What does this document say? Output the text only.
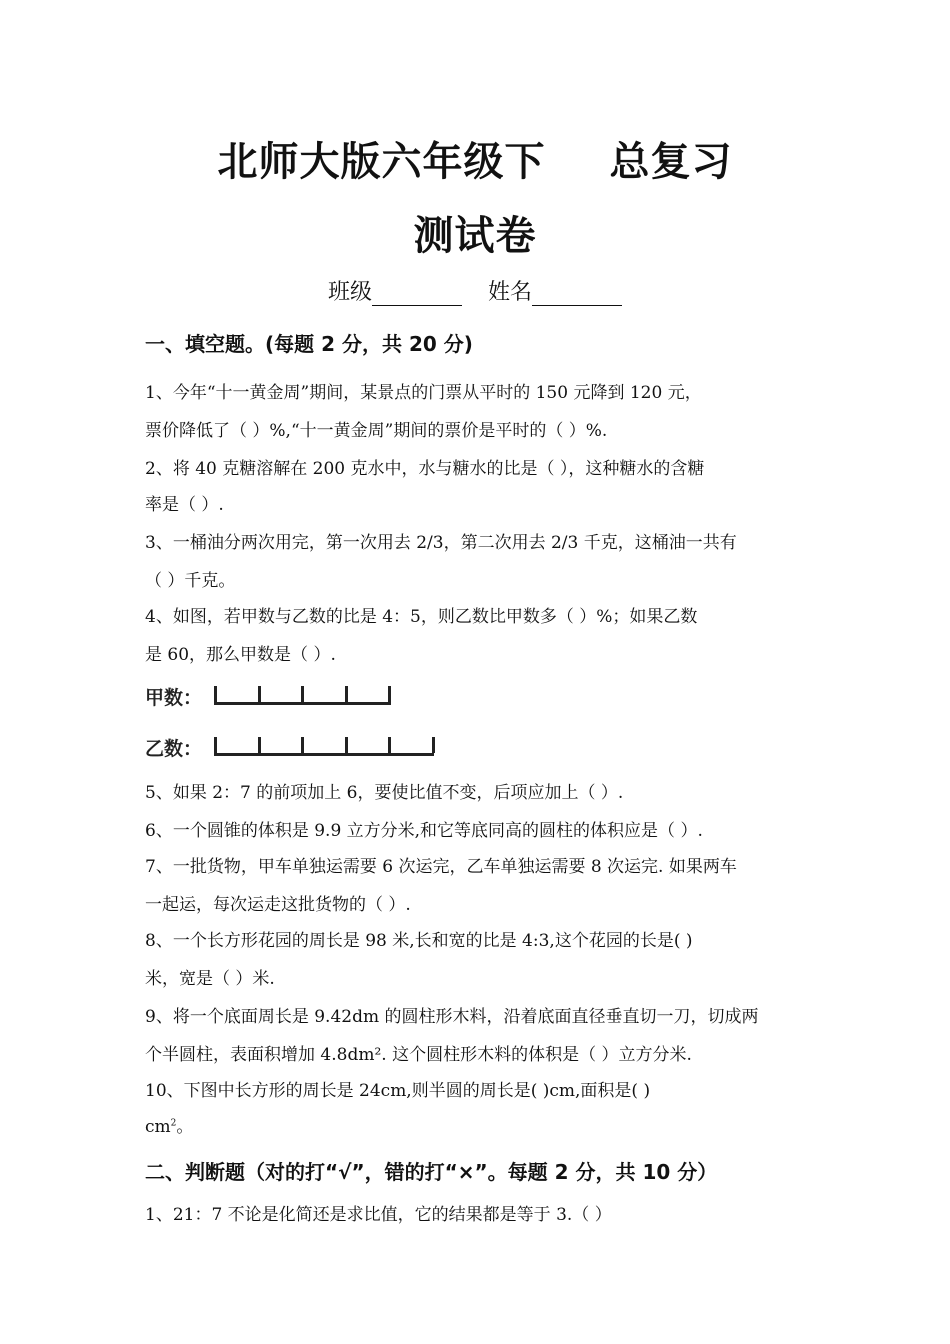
北师大版六年级下 总复习
测试卷
班级	姓名
一、填空题。(每题 2 分，共 20 分)
1、今年“十一黄金周”期间，某景点的门票从平时的 150 元降到 120 元，
票价降低了（ ）%,“十一黄金周”期间的票价是平时的（ ）%.
2、将 40 克糖溶解在 200 克水中，水与糖水的比是（ ），这种糖水的含糖
率是（ ）.
3、一桶油分两次用完，第一次用去 2/3，第二次用去 2/3 千克，这桶油一共有
（ ）千克。
4、如图，若甲数与乙数的比是 4：5，则乙数比甲数多（ ）%；如果乙数
是 60，那么甲数是（ ）.
甲数：
乙数：
5、如果 2：7 的前项加上 6，要使比值不变，后项应加上（ ）.
6、一个圆锥的体积是 9.9 立方分米,和它等底同高的圆柱的体积应是（ ）.
7、一批货物，甲车单独运需要 6 次运完，乙车单独运需要 8 次运完. 如果两车
一起运，每次运走这批货物的（ ）.
8、一个长方形花园的周长是 98 米,长和宽的比是 4:3,这个花园的长是( )
米，宽是（ ）米.
9、将一个底面周长是 9.42dm 的圆柱形木料，沿着底面直径垂直切一刀，切成两
个半圆柱，表面积增加 4.8dm². 这个圆柱形木料的体积是（ ）立方分米.
10、下图中长方形的周长是 24cm,则半圆的周长是( )cm,面积是( )
$cm^2$。
二、判断题（对的打“√”，错的打“×”。每题 2 分，共 10 分）
1、21：7 不论是化简还是求比值，它的结果都是等于 3.（ ）
